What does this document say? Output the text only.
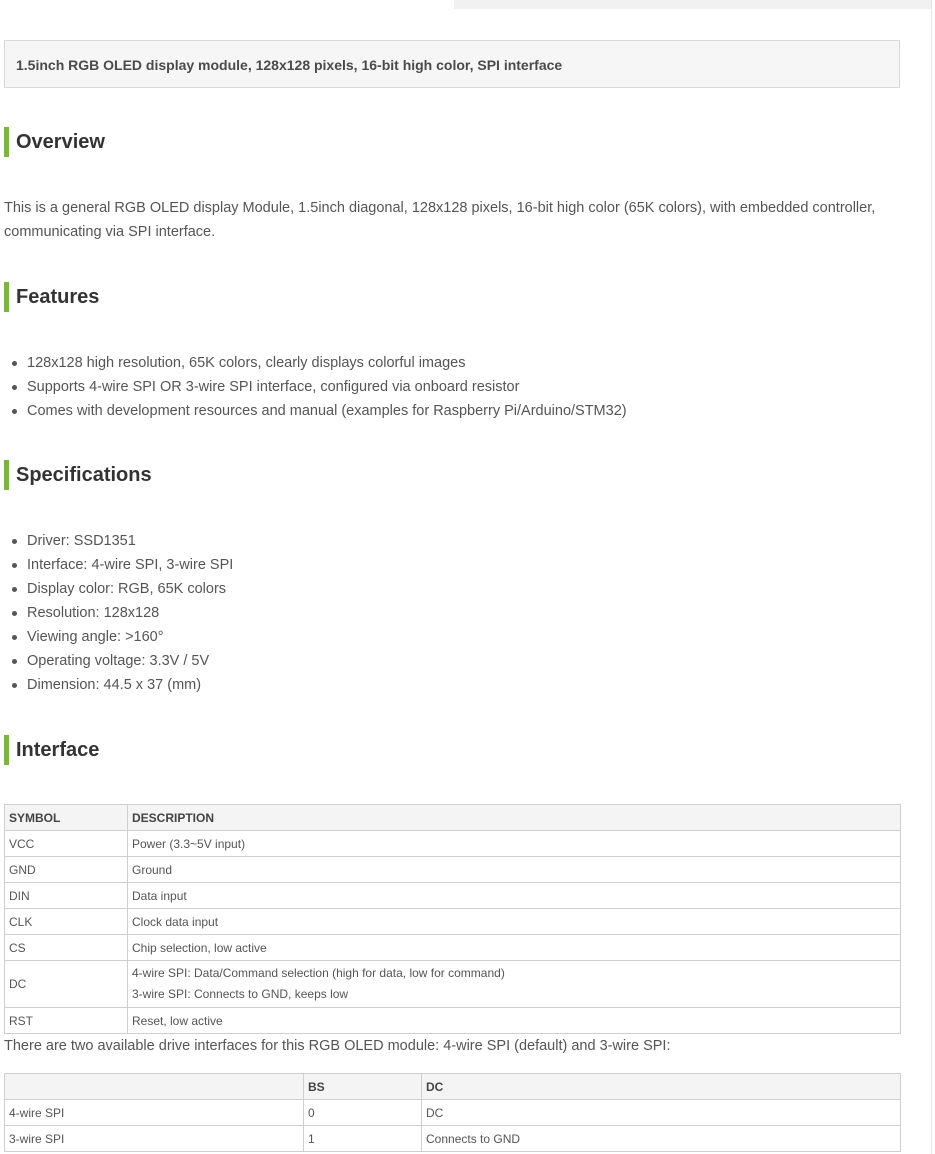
1.5inch RGB OLED display module, 128x128 pixels, 16-bit high color, SPI interface
Overview

This is a general RGB OLED display Module, 1.5inch diagonal, 128x128 pixels, 16-bit high color (65K colors), with embedded controller, communicating via SPI interface.

Features
128x128 high resolution, 65K colors, clearly displays colorful images
Supports 4-wire SPI OR 3-wire SPI interface, configured via onboard resistor
Comes with development resources and manual (examples for Raspberry Pi/Arduino/STM32)
Specifications
Driver: SSD1351
Interface: 4-wire SPI, 3-wire SPI
Display color: RGB, 65K colors
Resolution: 128x128
Viewing angle: >160°
Operating voltage: 3.3V / 5V
Dimension: 44.5 x 37 (mm)
Interface
SYMBOL	DESCRIPTION
VCC	Power (3.3~5V input)
GND	Ground
DIN	Data input
CLK	Clock data input
CS	Chip selection, low active
DC	4-wire SPI: Data/Command selection (high for data, low for command)
3-wire SPI: Connects to GND, keeps low

RST	Reset, low active

There are two available drive interfaces for this RGB OLED module: 4-wire SPI (default) and 3-wire SPI:

	BS	DC
4-wire SPI	0	DC
3-wire SPI	1	Connects to GND
